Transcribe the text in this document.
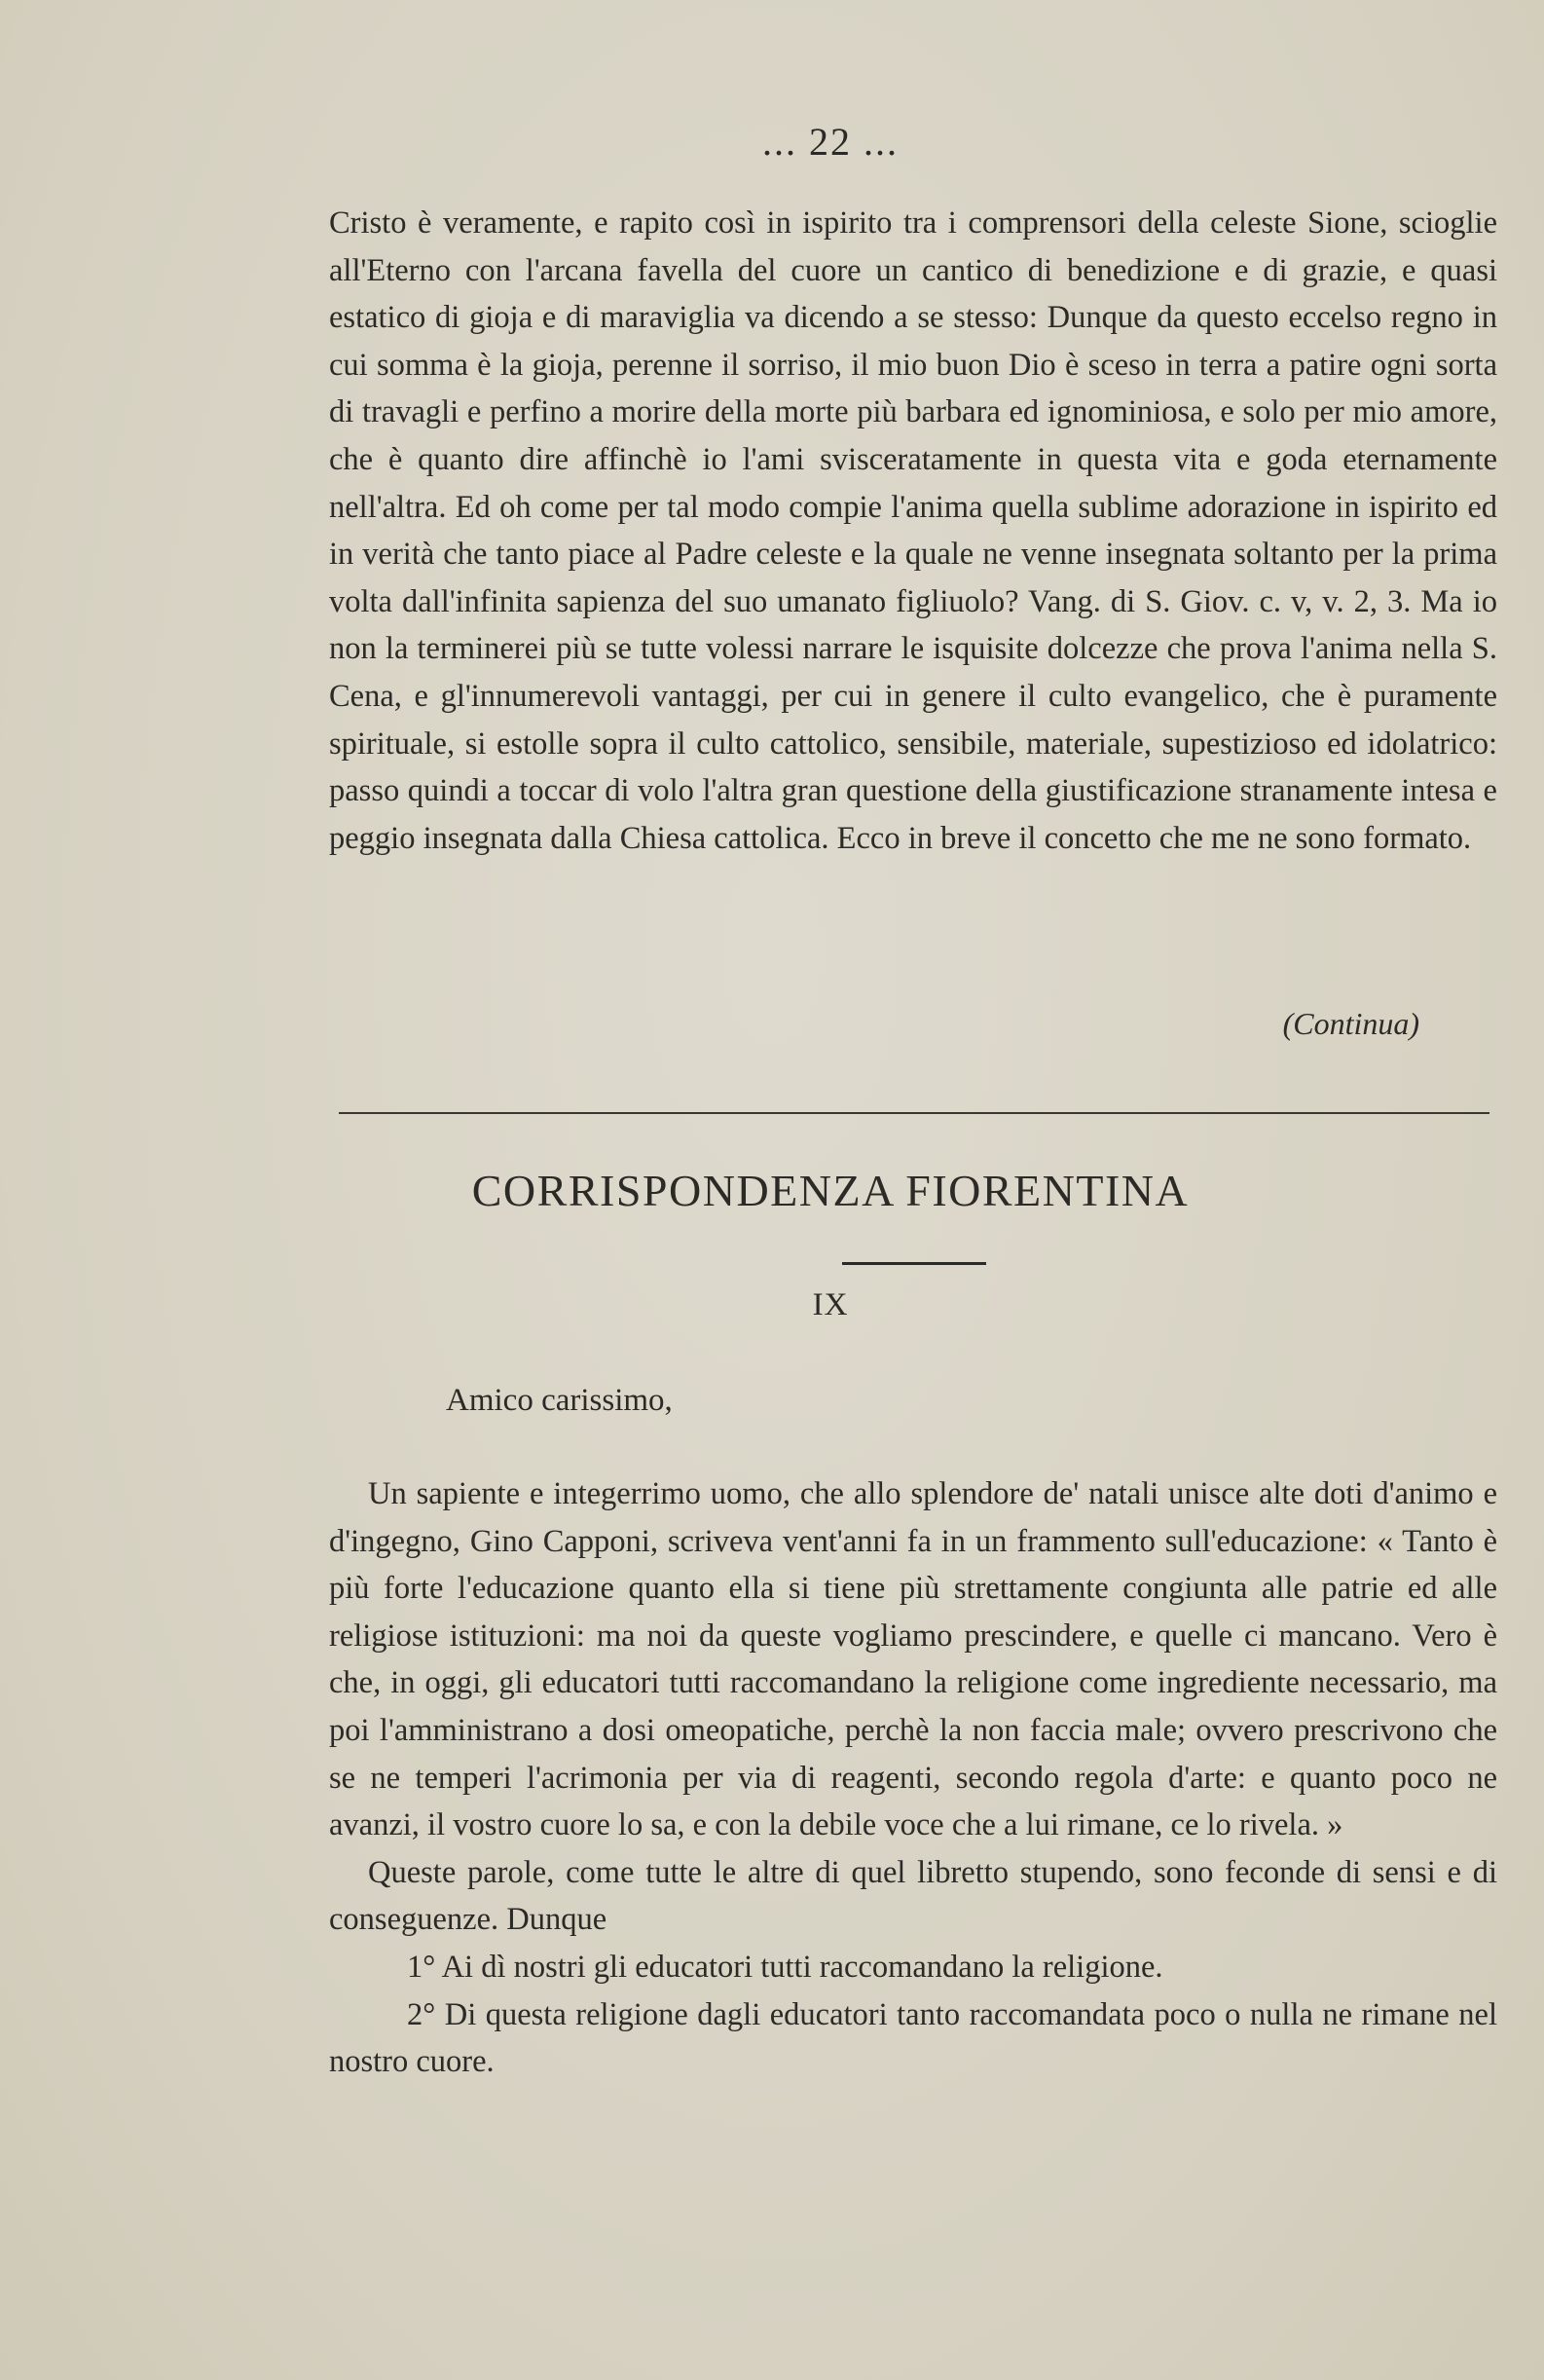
... 22 ...

Cristo è veramente, e rapito così in ispirito tra i comprensori della celeste Sione, scioglie all'Eterno con l'arcana favella del cuore un cantico di benedizione e di grazie, e quasi estatico di gioja e di maraviglia va dicendo a se stesso: Dunque da questo eccelso regno in cui somma è la gioja, perenne il sorriso, il mio buon Dio è sceso in terra a patire ogni sorta di travagli e perfino a morire della morte più barbara ed ignominiosa, e solo per mio amore, che è quanto dire affinchè io l'ami svisceratamente in questa vita e goda eternamente nell'altra. Ed oh come per tal modo compie l'anima quella sublime adorazione in ispirito ed in verità che tanto piace al Padre celeste e la quale ne venne insegnata soltanto per la prima volta dall'infinita sapienza del suo umanato figliuolo? Vang. di S. Giov. c. v, v. 2, 3. Ma io non la terminerei più se tutte volessi narrare le isquisite dolcezze che prova l'anima nella S. Cena, e gl'innumerevoli vantaggi, per cui in genere il culto evangelico, che è puramente spirituale, si estolle sopra il culto cattolico, sensibile, materiale, supestizioso ed idolatrico: passo quindi a toccar di volo l'altra gran questione della giustificazione stranamente intesa e peggio insegnata dalla Chiesa cattolica. Ecco in breve il concetto che me ne sono formato.

(Continua)
CORRISPONDENZA FIORENTINA
IX
Amico carissimo,

Un sapiente e integerrimo uomo, che allo splendore de' natali unisce alte doti d'animo e d'ingegno, Gino Capponi, scriveva vent'anni fa in un frammento sull'educazione: « Tanto è più forte l'educazione quanto ella si tiene più strettamente congiunta alle patrie ed alle religiose istituzioni: ma noi da queste vogliamo prescindere, e quelle ci mancano. Vero è che, in oggi, gli educatori tutti raccomandano la religione come ingrediente necessario, ma poi l'amministrano a dosi omeopatiche, perchè la non faccia male; ovvero prescrivono che se ne temperi l'acrimonia per via di reagenti, secondo regola d'arte: e quanto poco ne avanzi, il vostro cuore lo sa, e con la debile voce che a lui rimane, ce lo rivela. »

Queste parole, come tutte le altre di quel libretto stupendo, sono feconde di sensi e di conseguenze. Dunque

1° Ai dì nostri gli educatori tutti raccomandano la religione.

2° Di questa religione dagli educatori tanto raccomandata poco o nulla ne rimane nel nostro cuore.
